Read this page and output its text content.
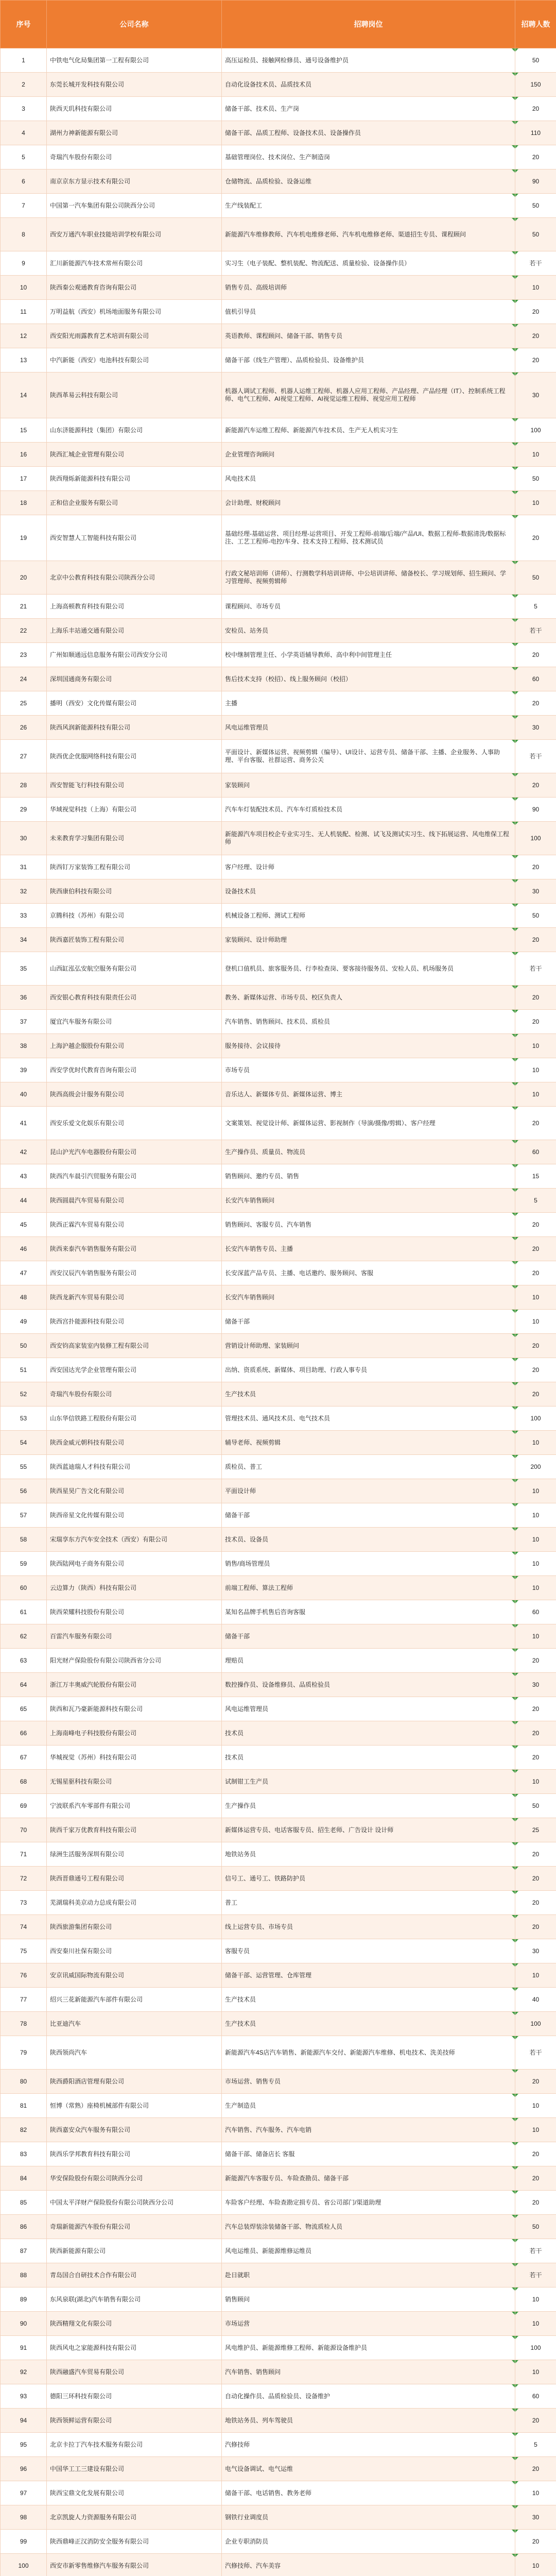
序号	公司名称	招聘岗位	招聘人数
1	中铁电气化局集团第一工程有限公司	高压运检员、接触网检修员、通号设备维护员	50
2	东莞长城开发科技有限公司	自动化设备技术员、品质技术员	150
3	陕西天玑科技有限公司	储备干部、技术员、生产岗	20
4	湖州力神新能源有限公司	储备干部、品质工程师、设备技术员、设备操作员	110
5	奇瑞汽车股份有限公司	基础管理岗位、技术岗位、生产制造岗	20
6	南京京东方显示技术有限公司	仓储物流、品质检验、设备运维	90
7	中国第一汽车集团有限公司陕西分公司	生产线装配工	50
8	西安万通汽车职业技能培训学校有限公司	新能源汽车维修教师、汽车机电维修老师、汽车机电维修老师、渠道招生专员、课程顾问	50
9	汇川新能源汽车技术常州有限公司	实习生（电子装配、整机装配、物流配送、质量检验、设备操作员）	若干
10	陕西秦公观通教育咨询有限公司	销售专员、高级培训师	10
11	万明益航（西安）机场地面服务有限公司	值机引导员	20
12	西安阳光雨露教育艺术培训有限公司	英语教师、课程顾问、储备干部、销售专员	20
13	中汽新能（西安）电池科技有限公司	储备干部（线生产管理）、品质检验员、设备维护员	20
14	陕西革易云科技有限公司	机器人调试工程师、机器人运维工程师、机器人应用工程师、产品经理、产品经理（IT）、控制系统工程师、电气工程师、AI视觉工程师、AI视觉运维工程师、视觉应用工程师	30
15	山东济能源科技（集团）有限公司	新能源汽车运维工程师、新能源汽车技术员、生产无人机实习生	100
16	陕西汇城企业管理有限公司	企业管理咨询顾问	10
17	陕西翔烁新能源科技有限公司	风电技术员	50
18	正和信企业服务有限公司	会计助理、财税顾问	10
19	西安智慧人工智能科技有限公司	基础经理-基础运营、项目经理-运营项目、开发工程师-前端/后端/产品/UI、数据工程师-数据清洗/数据标注、工艺工程师-电控/车身、技术支持工程师、技术测试员	20
20	北京中公教育科技有限公司陕西分公司	行政文秘培训师（讲师）、行测数学科培训讲师、中公培训讲师、储备校长、学习规划师、招生顾问、学习管理师、视频剪辑师	50
21	上海高顿教育科技有限公司	课程顾问、市场专员	5
22	上海乐丰站通交通有限公司	安检员、站务员	若干
23	广州如顺通远信息服务有限公司西安分公司	校中继制管理主任、小学英语辅导教师、高中利中间管理主任	20
24	深圳国通商务有限公司	售后技术支持（校招）、线上服务顾问（校招）	60
25	播明（西安）文化传媒有限公司	主播	20
26	陕西风润新能源科技有限公司	风电运维管理员	30
27	陕西优企优服网络科技有限公司	平面设计、新媒体运营、视频剪辑（编导）、UI设计、运营专员、储备干部、主播、企业服务、人事助理、平台客服、社群运营、商务公关	若干
28	西安智能飞行科技有限公司	家装顾问	20
29	华域视觉科技（上海）有限公司	汽车车灯装配技术员、汽车车灯质检技术员	90
30	未来教育学习集团有限公司	新能源汽车项目校企专业实习生、无人机装配、检测、试飞及测试实习生、线下拓展运营、风电维保工程师	100
31	陕西钉万家装饰工程有限公司	客户经理、设计师	20
32	陕西康伯科技有限公司	设备技术员	30
33	京腾科技（苏州）有限公司	机械设备工程师、测试工程师	50
34	陕西嘉匠装饰工程有限公司	家装顾问、设计师助理	20
35	山西缸泓弘安航空服务有限公司	登机口值机员、旅客服务员、行李检查岗、要客接待服务员、安检人员、机场服务员	若干
36	西安银心教育科技有限责任公司	教务、新媒体运营、市场专员、校区负责人	20
37	厦宜汽车服务有限公司	汽车销售、销售顾问、技术员、质检员	20
38	上海沪越企服股份有限公司	服务接待、会议接待	10
39	西安学优时代教育咨询有限公司	市场专员	10
40	陕西高级会计服务有限公司	音乐达人、新媒体专员、新媒体运营、博主	10
41	西安乐爱文化娱乐有限公司	文案策划、视觉设计师、新媒体运营、影视制作（导演/摄像/剪辑）、客户经理	20
42	昆山沪光汽车电器股份有限公司	生产操作员、质量员、物流员	60
43	陕西汽车晨引汽贸服务有限公司	销售顾问、邀约专员、销售	15
44	陕西圆晨汽车贸易有限公司	长安汽车销售顾问	5
45	陕西正霖汽车贸易有限公司	销售顾问、客服专员、汽车销售	20
46	陕西来泰汽车销售服务有限公司	长安汽车销售专员、主播	20
47	西安汉辰汽车销售服务有限公司	长安深蓝产品专员、主播、电话邀约、服务顾问、客服	20
48	陕西龙新汽车贸易有限公司	长安汽车销售顾问	10
49	陕西宫扑能源科技有限公司	储备干部	10
50	西安钧高家装室内装修工程有限公司	营销设计师助理、家装顾问	20
51	西安国达光学企业管理有限公司	出纳、资质系统、新媒体、项目助理、行政人事专员	20
52	奇瑞汽车股份有限公司	生产技术员	20
53	山东华信铁路工程股份有限公司	管理技术员、通风技术员、电气技术员	100
54	陕西金威元朝科技有限公司	辅导老师、视频剪辑	10
55	陕西蓝迪瑞人才科技有限公司	质检员、普工	200
56	陕西星昊广告文化有限公司	平面设计师	10
57	陕西帝星文化传媒有限公司	储备干部	10
58	宋瑞享东方汽车安全技术（西安）有限公司	技术员、设备员	10
59	陕西陆网电子商务有限公司	销售/商场管理员	10
60	云边算力（陕西）科技有限公司	前端工程师、算法工程师	10
61	陕西荣耀科技股份有限公司	某知名品牌手机售后咨询客服	60
62	百雷汽车服务有限公司	储备干部	10
63	阳光财产保险股份有限公司陕西省分公司	理赔员	20
64	浙江万丰奥威汽轮股份有限公司	数控操作员、设备维修员、品质检验员	30
65	陕西和瓦乃豪新能源科技有限公司	风电运维管理员	20
66	上海南峰电子科技股份有限公司	技术员	20
67	华城视觉（苏州）科技有限公司	技术员	20
68	无锡星驱科技有限公司	试制钳工生产员	10
69	宁波联系汽车零部件有限公司	生产操作员	50
70	陕西千家万优教育科技有限公司	新媒体运营专员、电话客服专员、招生老师、广告设计 设计师	25
71	绿洲生活服务深圳有限公司	地铁站务员	20
72	陕西晋鼎通号工程有限公司	信号工、通号工、铁路防护员	20
73	芜湖瑞科美京动力总成有限公司	普工	20
74	陕西旅游集团有限公司	线上运营专员、市场专员	20
75	西安秦川社保有限公司	客服专员	30
76	安京讯威国际物流有限公司	储备干部、运营管理、仓库管理	10
77	绍兴三花新能源汽车部件有限公司	生产技术员	40
78	比亚迪汽车	生产技术员	100
79	陕西领尚汽车	新能源汽车4S店汽车销售、新能源汽车交付、新能源汽车维修、机电技术、洗美技师	若干
80	陕西爵阳酒店管理有限公司	市场运营、销售专员	20
81	恒博（常熟）座椅机械部件有限公司	生产制造员	10
82	陕西嘉安众汽车服务有限公司	汽车销售、汽车服务、汽车电销	10
83	陕西乐学邦教育科技有限公司	储备干部、储备店长 客服	20
84	华安保险股份有限公司陕西分公司	新能源汽车客服专员、车险查勘员、储备干部	20
85	中国太平洋财产保险股份有限公司陕西分公司	车险客户经理、车险查勘定损专员、省公司部门/渠道助理	20
86	奇瑞新能源汽车股份有限公司	汽车总装焊装涂装储备干部、物流质检人员	50
87	陕西新能源有限公司	风电运维员、新能源维修运维员	若干
88	青岛国合自研技术合作有限公司	赴日就职	若干
89	东风泉联(湖北)汽车销售有限公司	销售顾问	10
90	陕西精翔文化有限公司	市场运营	10
91	陕西风电之家能源科技有限公司	风电维护员、新能源维修工程师、新能源设备维护员	100
92	陕西融盛汽车贸易有限公司	汽车销售、销售顾问	10
93	德阳三环科技有限公司	自动化操作员、品质检验员、设备维护	60
94	陕西领鲜运营有限公司	地铁站务员、列车驾驶员	20
95	北京卡拉丁汽车技术服务有限公司	汽修技师	5
96	中国华工工三建设有限公司	电气设备调试、电气运维	20
97	陕西宝鼎文化发展有限公司	储备干部、电话销售、教务老师	10
98	北京凯旋人力资源服务有限公司	钢铁行业调度员	30
99	陕西鼎峰正汉消防安全服务有限公司	企业专职消防员	20
100	西安市新零售维修汽车服务有限公司	汽修技师、汽车美容	10
